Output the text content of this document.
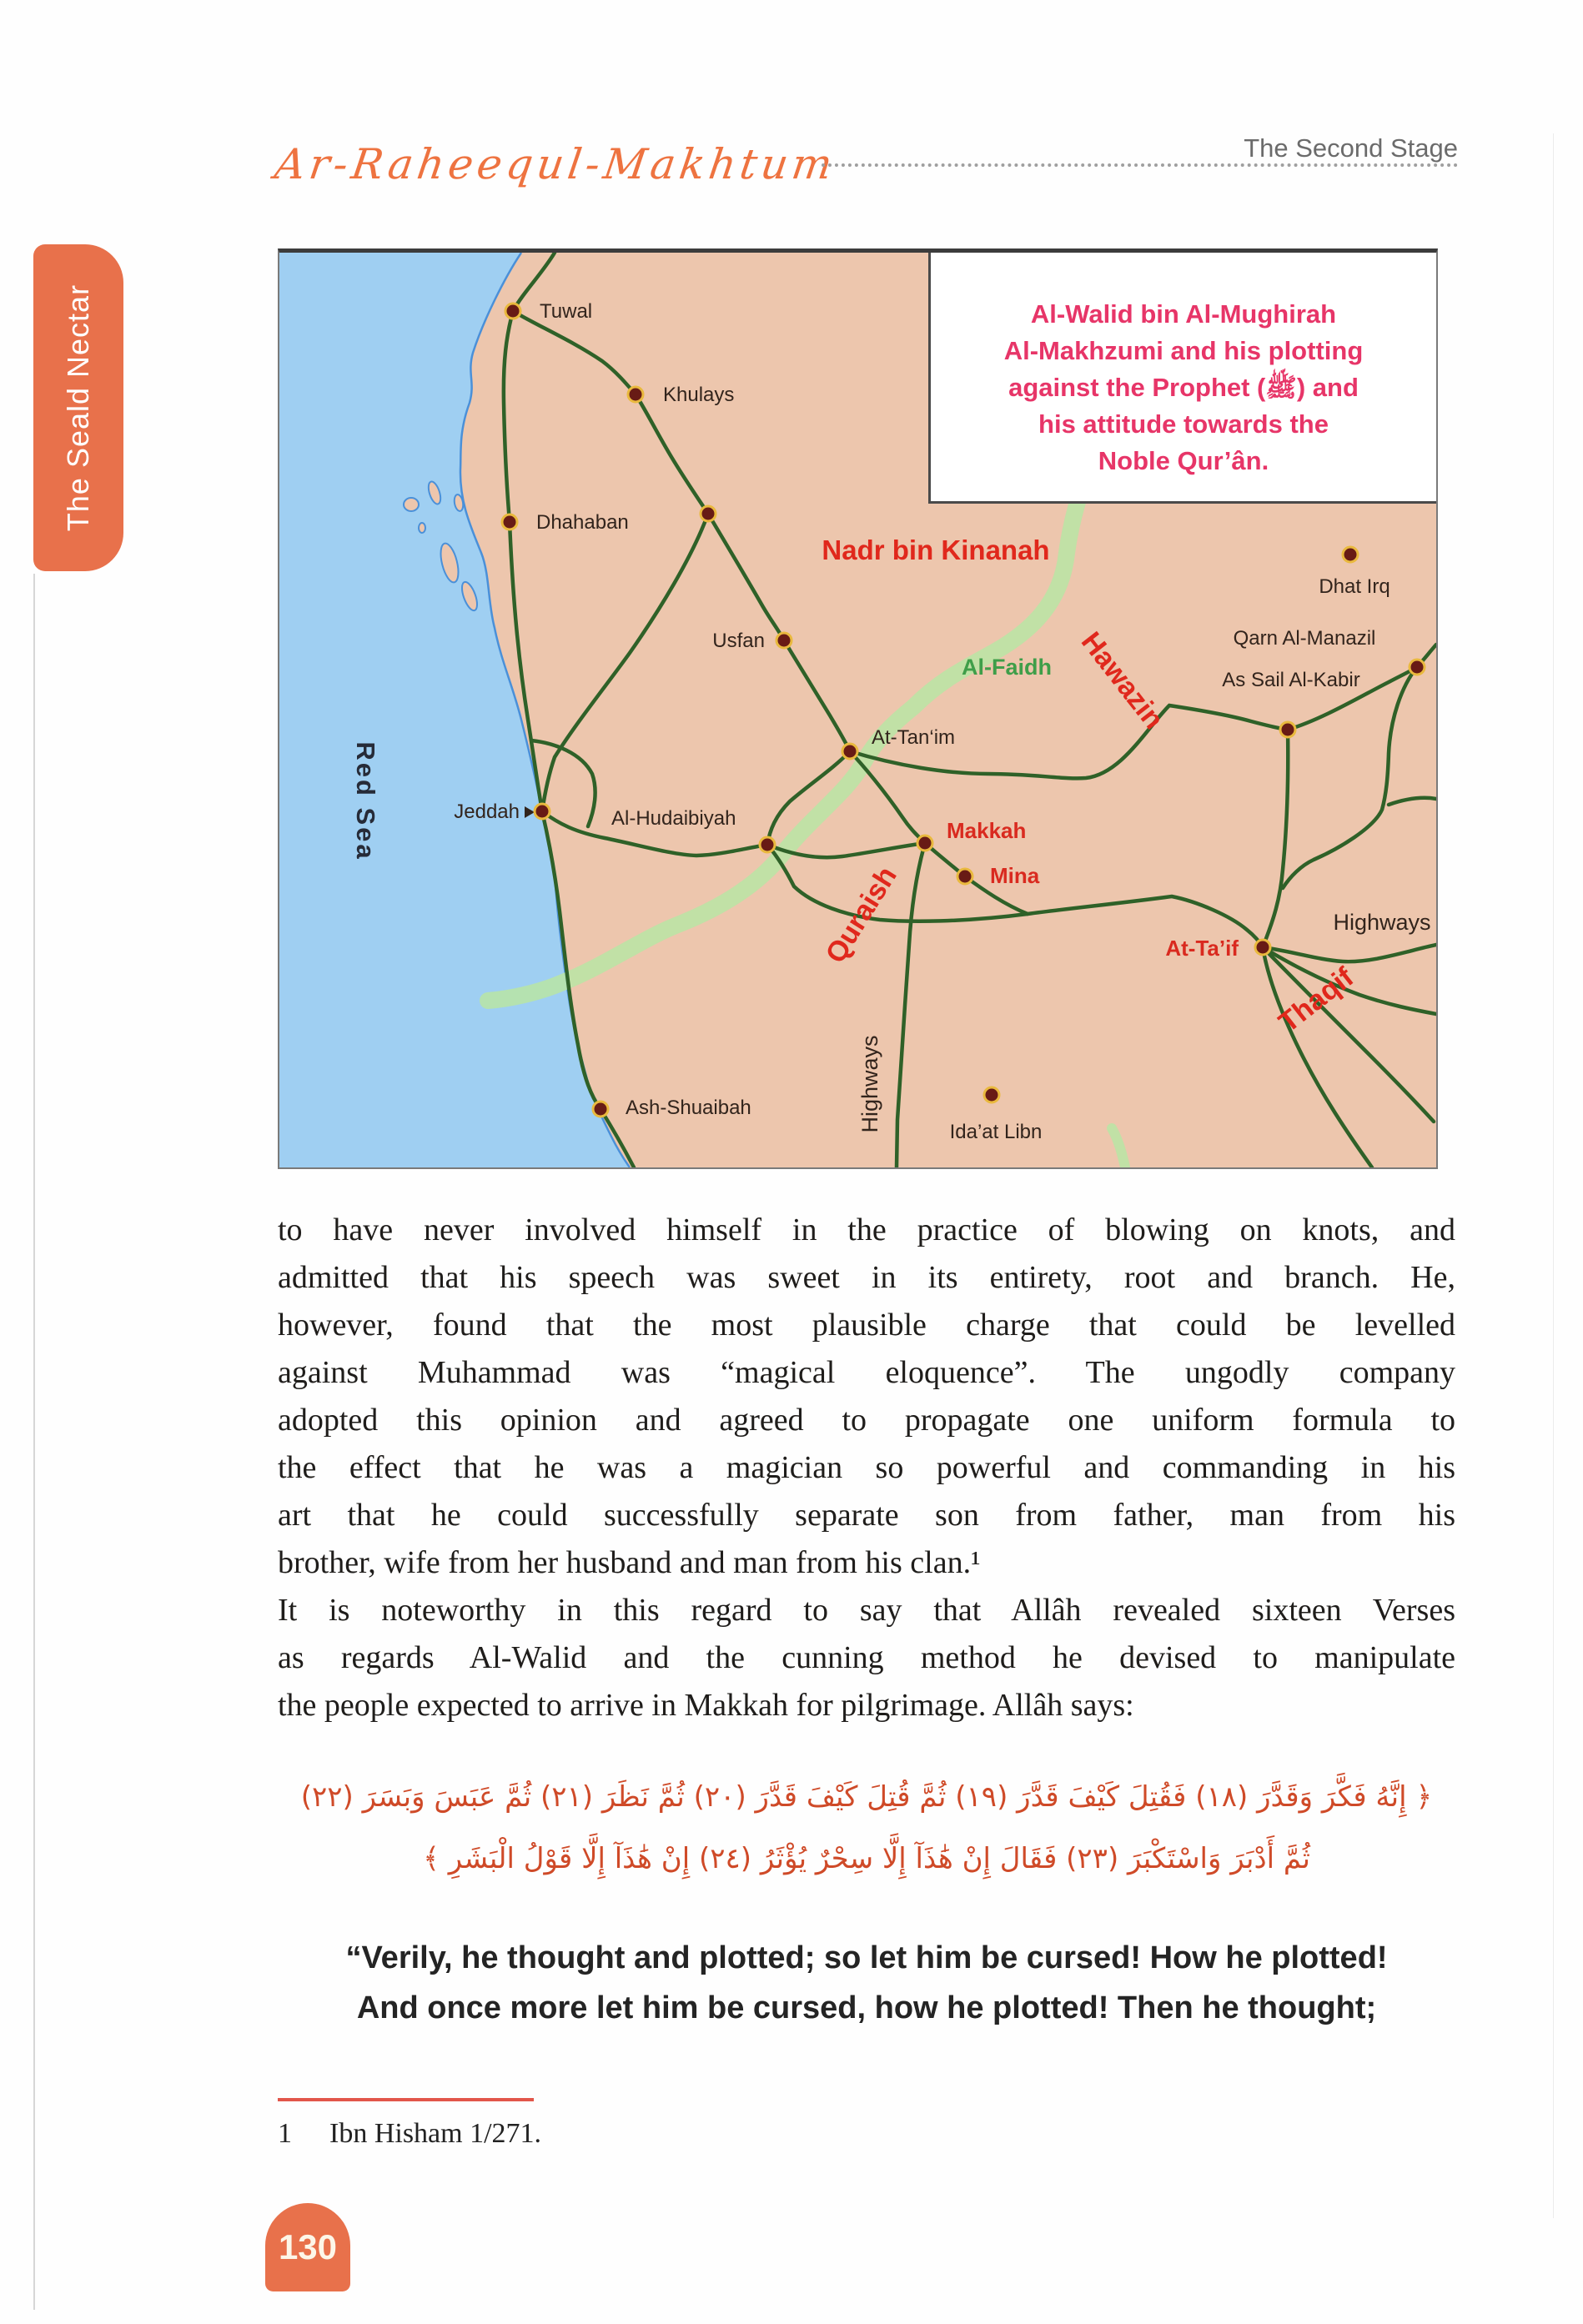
Ar-Raheequl-Makhtum	The Second Stage
The Seald Nectar	Tuwal
Khulays
Dhahaban
Usfan
At-Tan‘im
Jeddah	Al-Hudaibiyah	Makkah
Mina
Ash-Shuaibah
Ida’at Libn
Dhat Irq
Qarn Al-Manazil
As Sail Al-Kabir
At-Ta’if
Nadr bin Kinanah
Al-Faidh Hawazin
Quraish
Thaqif
Red Sea
Highways
Highways
Al-Walid bin Al-Mughirah
Al-Makhzumi and his plotting
against the Prophet (ﷺ) and
his attitude towards the
Noble Qur’ân.
to have never involved himself in the practice of blowing on knots, and
admitted that his speech was sweet in its entirety, root and branch. He,
however, found that the most plausible charge that could be levelled
against Muhammad was “magical eloquence”. The ungodly company
adopted this opinion and agreed to propagate one uniform formula to
the effect that he was a magician so powerful and commanding in his
art that he could successfully separate son from father, man from his
brother, wife from her husband and man from his clan.¹
It is noteworthy in this regard to say that Allâh revealed sixteen Verses
as regards Al-Walid and the cunning method he devised to manipulate
the people expected to arrive in Makkah for pilgrimage. Allâh says:
﴿ إِنَّهُ فَكَّرَ وَقَدَّرَ (١٨) فَقُتِلَ كَيْفَ قَدَّرَ (١٩) ثُمَّ قُتِلَ كَيْفَ قَدَّرَ (٢٠) ثُمَّ نَظَرَ (٢١) ثُمَّ عَبَسَ وَبَسَرَ (٢٢)
ثُمَّ أَدْبَرَ وَاسْتَكْبَرَ (٢٣) فَقَالَ إِنْ هَٰذَآ إِلَّا سِحْرٌ يُؤْثَرُ (٢٤) إِنْ هَٰذَآ إِلَّا قَوْلُ الْبَشَرِ ﴾
“Verily, he thought and plotted; so let him be cursed! How he plotted!
And once more let him be cursed, how he plotted! Then he thought;
1 Ibn Hisham 1/271.
130
